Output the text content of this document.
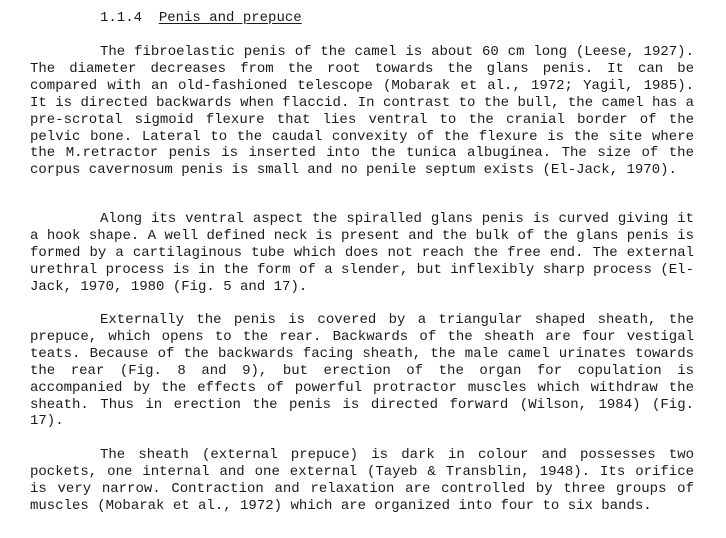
1.1.4 Penis and prepuce

The fibroelastic penis of the camel is about 60 cm long (Leese, 1927). The diameter decreases from the root towards the glans penis. It can be compared with an old-fashioned telescope (Mobarak et al., 1972; Yagil, 1985). It is directed backwards when flaccid. In contrast to the bull, the camel has a pre-scrotal sigmoid flexure that lies ventral to the cranial border of the pelvic bone. Lateral to the caudal convexity of the flexure is the site where the M.retractor penis is inserted into the tunica albuginea. The size of the corpus cavernosum penis is small and no penile septum exists (El-Jack, 1970).

Along its ventral aspect the spiralled glans penis is curved giving it a hook shape. A well defined neck is present and the bulk of the glans penis is formed by a cartilaginous tube which does not reach the free end. The external urethral process is in the form of a slender, but inflexibly sharp process (El-Jack, 1970, 1980 (Fig. 5 and 17).

Externally the penis is covered by a triangular shaped sheath, the prepuce, which opens to the rear. Backwards of the sheath are four vestigal teats. Because of the backwards facing sheath, the male camel urinates towards the rear (Fig. 8 and 9), but erection of the organ for copulation is accompanied by the effects of powerful protractor muscles which withdraw the sheath. Thus in erection the penis is directed forward (Wilson, 1984) (Fig. 17).

The sheath (external prepuce) is dark in colour and possesses two pockets, one internal and one external (Tayeb & Transblin, 1948). Its orifice is very narrow. Contraction and relaxation are controlled by three groups of muscles (Mobarak et al., 1972) which are organized into four to six bands.
